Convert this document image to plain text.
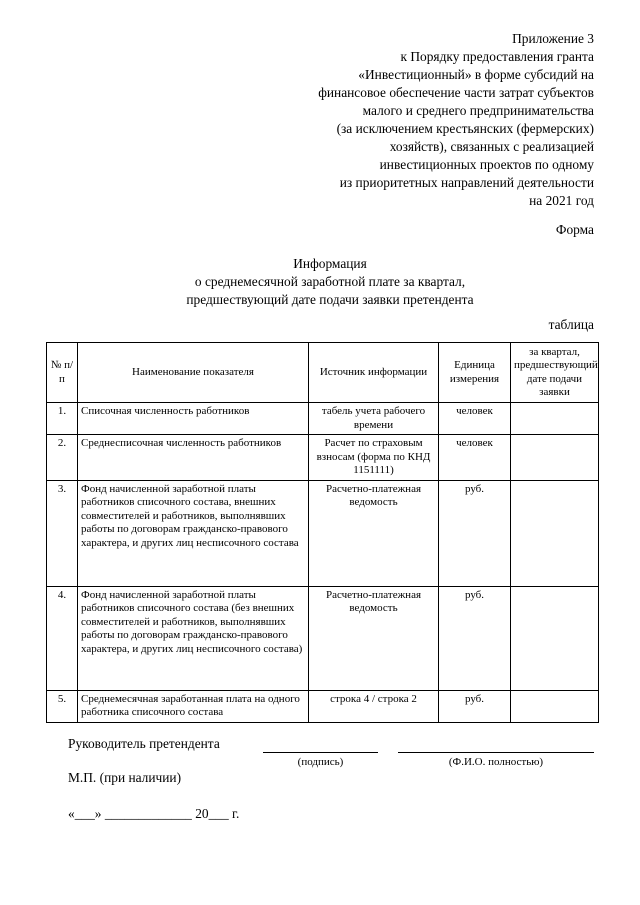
Приложение 3
к Порядку предоставления гранта
«Инвестиционный» в форме субсидий на
финансовое обеспечение части затрат субъектов
малого и среднего предпринимательства
(за исключением крестьянских (фермерских)
хозяйств), связанных с реализацией
инвестиционных проектов по одному
из приоритетных направлений деятельности
на 2021 год
Форма
Информация
о среднемесячной заработной плате за квартал,
предшествующий дате подачи заявки претендента
таблица
№ п/п	Наименование показателя	Источник информации	Единица измерения	за квартал, предшествующий дате подачи заявки
1.	Списочная численность работников	табель учета рабочего времени	человек	
2.	Среднесписочная численность работников	Расчет по страховым взносам (форма по КНД 1151111)	человек	
3.	Фонд начисленной заработной платы работников списочного состава, внешних совместителей и работников, выполнявших работы по договорам гражданско-правового характера, и других лиц несписочного состава	Расчетно-платежная ведомость	руб.	
4.	Фонд начисленной заработной платы работников списочного состава (без внешних совместителей и работников, выполнявших работы по договорам гражданско-правового характера, и других лиц несписочного состава)	Расчетно-платежная ведомость	руб.	
5.	Среднемесячная заработанная плата на одного работника списочного состава	строка 4 / строка 2	руб.	
Руководитель претендента
(подпись)	(Ф.И.О. полностью)
М.П. (при наличии)
«___» _____________ 20___ г.
